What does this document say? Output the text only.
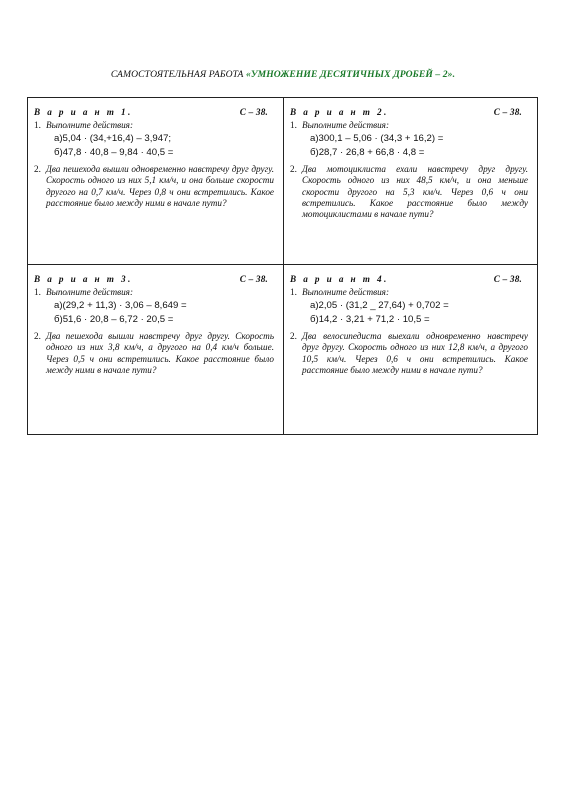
САМОСТОЯТЕЛЬНАЯ РАБОТА «УМНОЖЕНИЕ ДЕСЯТИЧНЫХ ДРОБЕЙ – 2».
В а р и а н т 1.	С – 38.
1. Выполните действия:
а)5,04 · (34,+16,4) – 3,947;
б)47,8 · 40,8 – 9,84 · 40,5 =
2. Два пешехода вышли одновременно навстречу друг другу. Скорость одного из них 5,1 км/ч, и она больше скорости другого на 0,7 км/ч. Через 0,8 ч они встретились. Какое расстояние было между ними в начале пути?
В а р и а н т 2.	С – 38.
1. Выполните действия:
а)300,1 – 5,06 · (34,3 + 16,2) =
б)28,7 · 26,8 + 66,8 · 4,8 =
2. Два мотоциклиста ехали навстречу друг другу. Скорость одного из них 48,5 км/ч, и она меньше скорости другого на 5,3 км/ч. Через 0,6 ч они встретились. Какое расстояние было между мотоциклистами в начале пути?
В а р и а н т 3.	С – 38.
1. Выполните действия:
а)(29,2 + 11,3) · 3,06 – 8,649 =
б)51,6 · 20,8 – 6,72 · 20,5 =
2. Два пешехода вышли навстречу друг другу. Скорость одного из них 3,8 км/ч, а другого на 0,4 км/ч больше. Через 0,5 ч они встретились. Какое расстояние было между ними в начале пути?
В а р и а н т 4.	С – 38.
1. Выполните действия:
а)2,05 · (31,2 _ 27,64) + 0,702 =
б)14,2 · 3,21 + 71,2 · 10,5 =
2. Два велосипедиста выехали одновременно навстречу друг другу. Скорость одного из них 12,8 км/ч, а другого 10,5 км/ч. Через 0,6 ч они встретились. Какое расстояние было между ними в начале пути?
